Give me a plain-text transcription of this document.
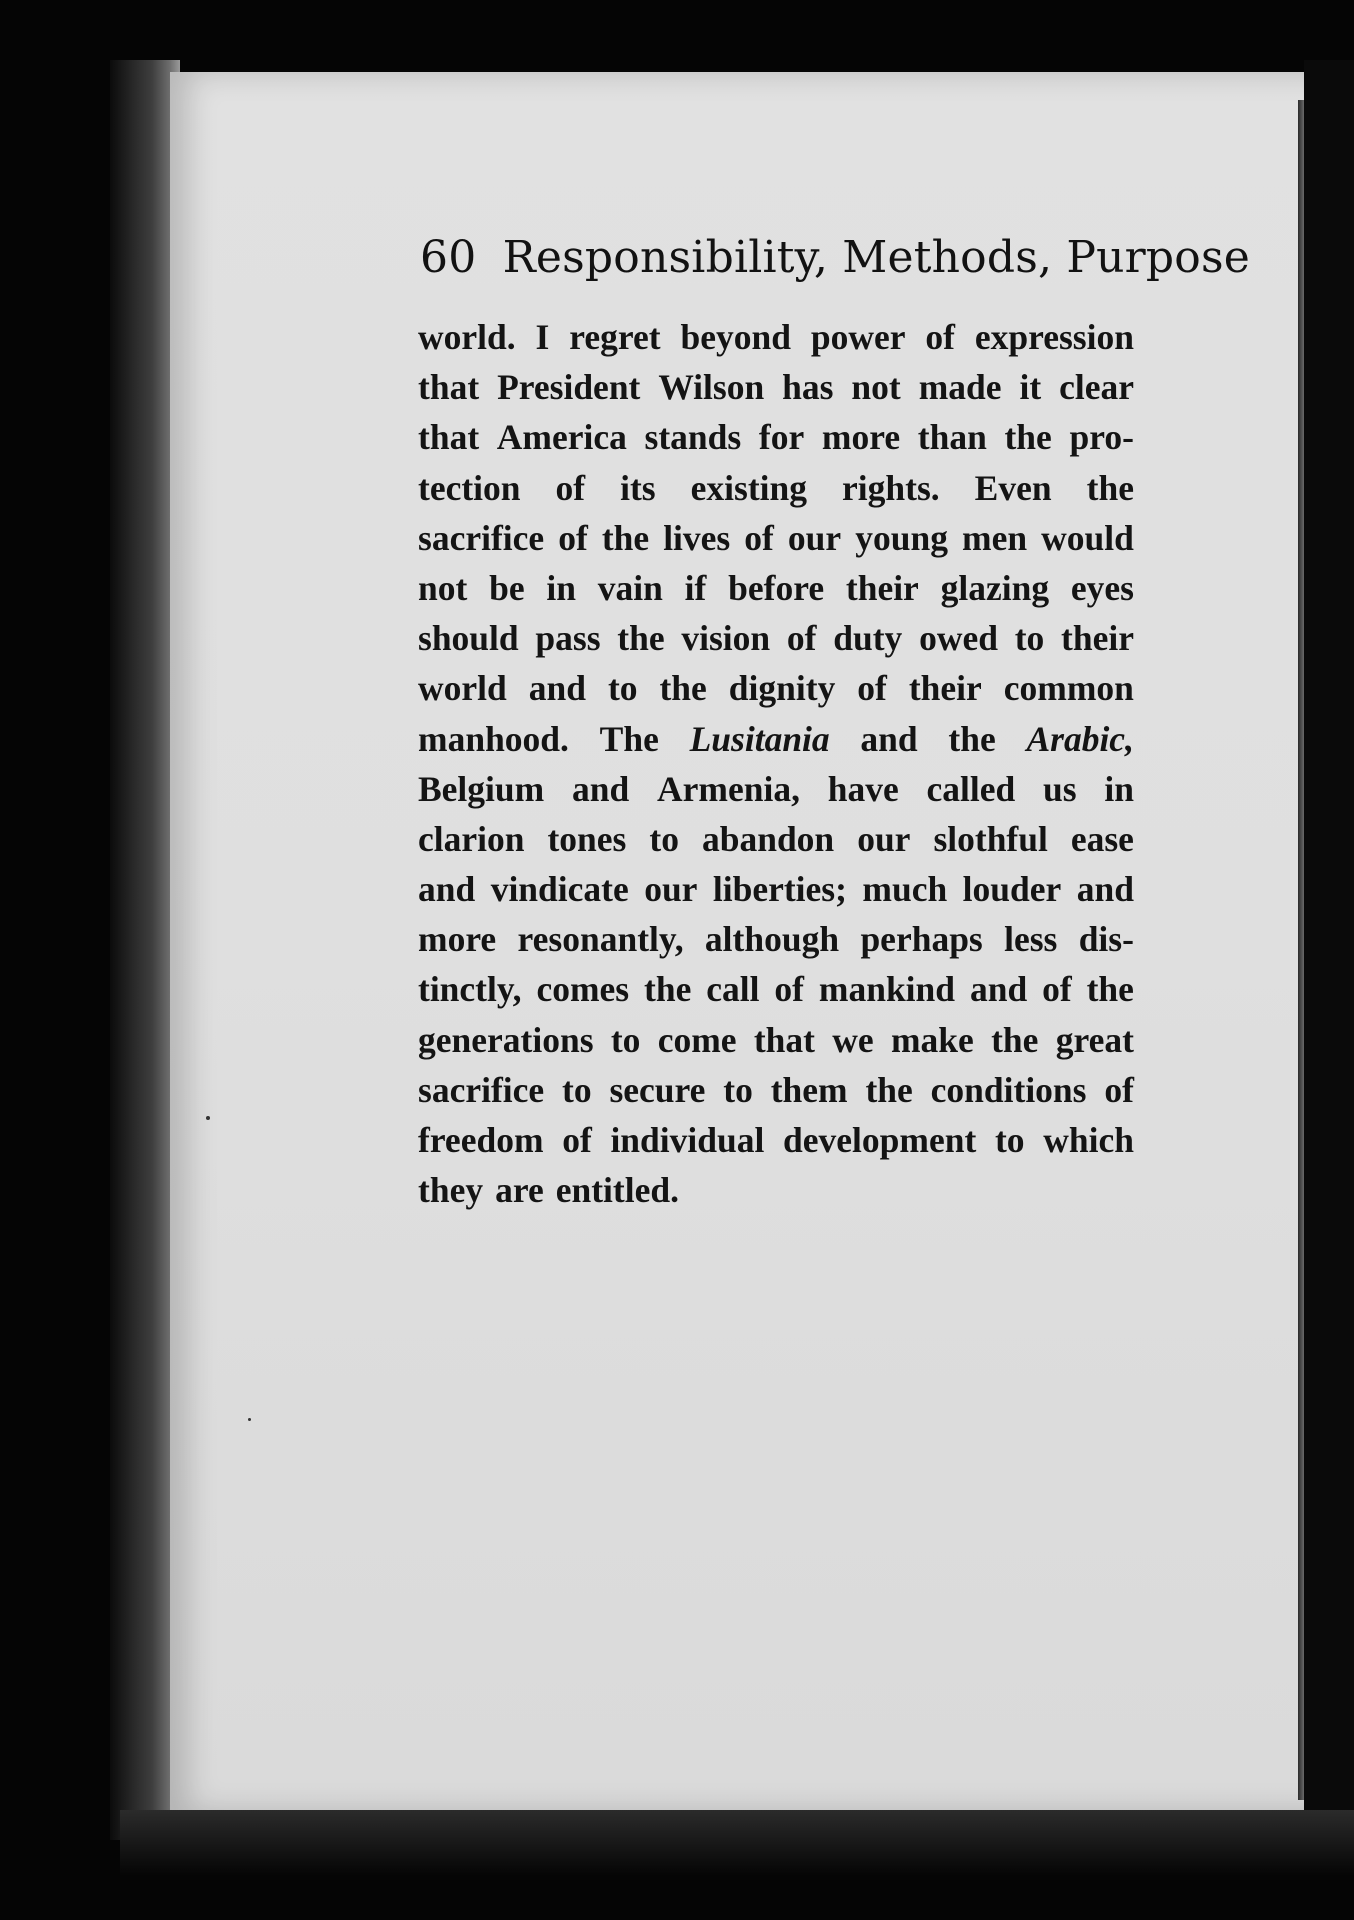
60 Responsibility, Methods, Purpose
world. I regret beyond power of expression
that President Wilson has not made it clear
that America stands for more than the pro-
tection of its existing rights. Even the
sacrifice of the lives of our young men would
not be in vain if before their glazing eyes
should pass the vision of duty owed to their
world and to the dignity of their common
manhood. The Lusitania and the Arabic,
Belgium and Armenia, have called us in
clarion tones to abandon our slothful ease
and vindicate our liberties; much louder and
more resonantly, although perhaps less dis-
tinctly, comes the call of mankind and of the
generations to come that we make the great
sacrifice to secure to them the conditions of
freedom of individual development to which
they are entitled.
